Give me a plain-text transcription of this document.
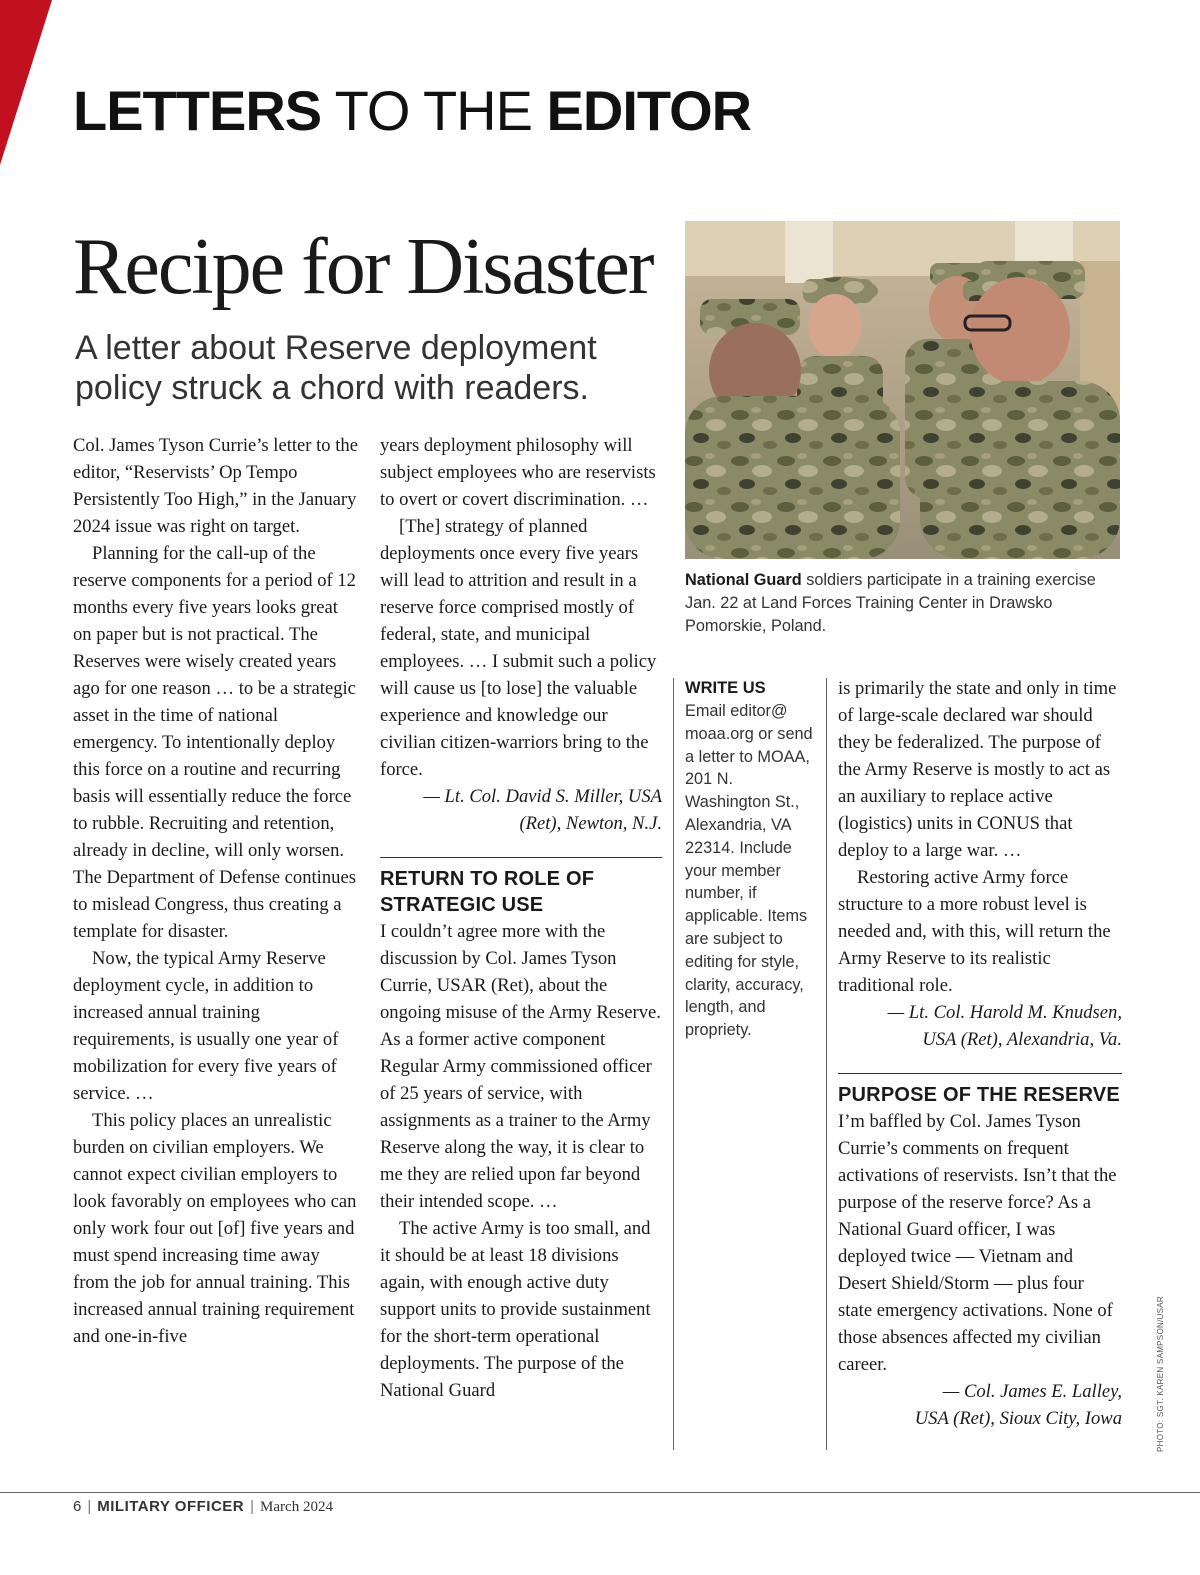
LETTERS TO THE EDITOR
Recipe for Disaster
A letter about Reserve deployment policy struck a chord with readers.

Col. James Tyson Currie’s letter to the editor, “Reservists’ Op Tempo Persistently Too High,” in the January 2024 issue was right on target.

Planning for the call-up of the reserve components for a period of 12 months every five years looks great on paper but is not practical. The Reserves were wisely created years ago for one reason … to be a strategic asset in the time of national emergency. To intentionally deploy this force on a routine and recurring basis will essentially reduce the force to rubble. Recruiting and retention, already in decline, will only worsen. The Department of Defense continues to mislead Congress, thus creating a template for disaster.

Now, the typical Army Reserve deployment cycle, in addition to increased annual training requirements, is usually one year of mobilization for every five years of service. …

This policy places an unrealistic burden on civilian employers. We cannot expect civilian employers to look favorably on employees who can only work four out [of] five years and must spend increasing time away from the job for annual training. This increased annual training requirement and one-in-five

years deployment philosophy will subject employees who are reservists to overt or covert discrimination. …

[The] strategy of planned deployments once every five years will lead to attrition and result in a reserve force comprised mostly of federal, state, and municipal employees. … I submit such a policy will cause us [to lose] the valuable experience and knowledge our civilian citizen-warriors bring to the force.

— Lt. Col. David S. Miller, USA

(Ret), Newton, N.J.

RETURN TO ROLE OF STRATEGIC USE

I couldn’t agree more with the discussion by Col. James Tyson Currie, USAR (Ret), about the ongoing misuse of the Army Reserve. As a former active component Regular Army commissioned officer of 25 years of service, with assignments as a trainer to the Army Reserve along the way, it is clear to me they are relied upon far beyond their intended scope. …

The active Army is too small, and it should be at least 18 divisions again, with enough active duty support units to provide sustainment for the short-term operational deployments. The purpose of the National Guard

National Guard soldiers participate in a training exercise Jan. 22 at Land Forces Training Center in Drawsko Pomorskie, Poland.
WRITE US
Email editor@ moaa.org or send a letter to MOAA, 201 N. Washington St., Alexandria, VA 22314. Include your member number, if applicable. Items are subject to editing for style, clarity, accuracy, length, and propriety.

is primarily the state and only in time of large-scale declared war should they be federalized. The purpose of the Army Reserve is mostly to act as an auxiliary to replace active (logistics) units in CONUS that deploy to a large war. …

Restoring active Army force structure to a more robust level is needed and, with this, will return the Army Reserve to its realistic traditional role.

— Lt. Col. Harold M. Knudsen,

USA (Ret), Alexandria, Va.

PURPOSE OF THE RESERVE

I’m baffled by Col. James Tyson Currie’s comments on frequent activations of reservists. Isn’t that the purpose of the reserve force? As a National Guard officer, I was deployed twice — Vietnam and Desert Shield/Storm — plus four state emergency activations. None of those absences affected my civilian career.

— Col. James E. Lalley,

USA (Ret), Sioux City, Iowa	PHOTO: SGT. KAREN SAMPSON/USAR
6 | MILITARY OFFICER | March 2024
